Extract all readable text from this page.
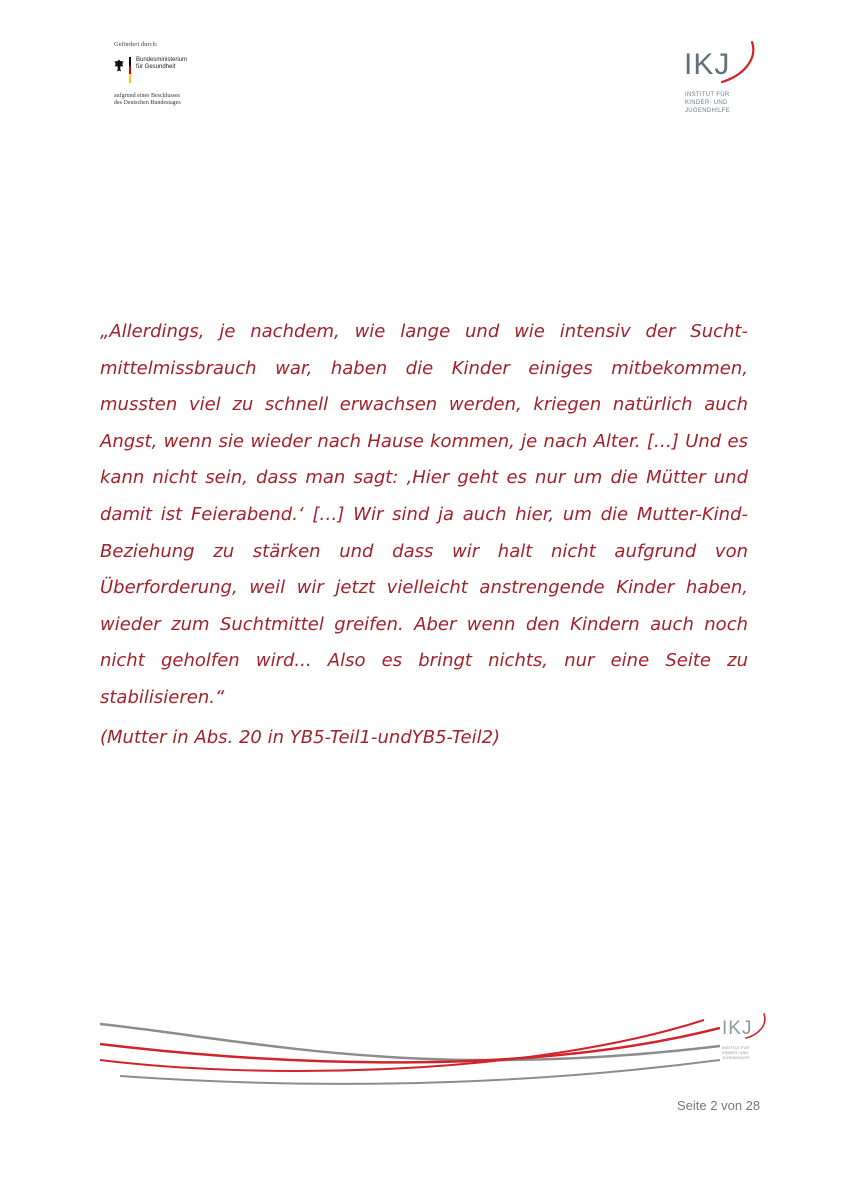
Gefördert durch:
Bundesministerium
für Gesundheit
aufgrund eines Beschlusses
des Deutschen Bundestages
IKJ
INSTITUT FÜR
KINDER- UND
JUGENDHILFE

„Allerdings, je nachdem, wie lange und wie intensiv der Suchtmittelmissbrauch war, haben die Kinder einiges mitbekommen, mussten viel zu schnell erwachsen werden, kriegen natürlich auch Angst, wenn sie wieder nach Hause kommen, je nach Alter. […] Und es kann nicht sein, dass man sagt: ‚Hier geht es nur um die Mütter und damit ist Feierabend.‘ […] Wir sind ja auch hier, um die Mutter-Kind-Beziehung zu stärken und dass wir halt nicht aufgrund von Überforderung, weil wir jetzt vielleicht anstrengende Kinder haben, wieder zum Suchtmittel greifen. Aber wenn den Kindern auch noch nicht geholfen wird... Also es bringt nichts, nur eine Seite zu stabilisieren.“

(Mutter in Abs. 20 in YB5-Teil1-undYB5-Teil2)

IKJ
INSTITUT FÜR
KINDER- UND
JUGENDHILFE
Seite 2 von 28
